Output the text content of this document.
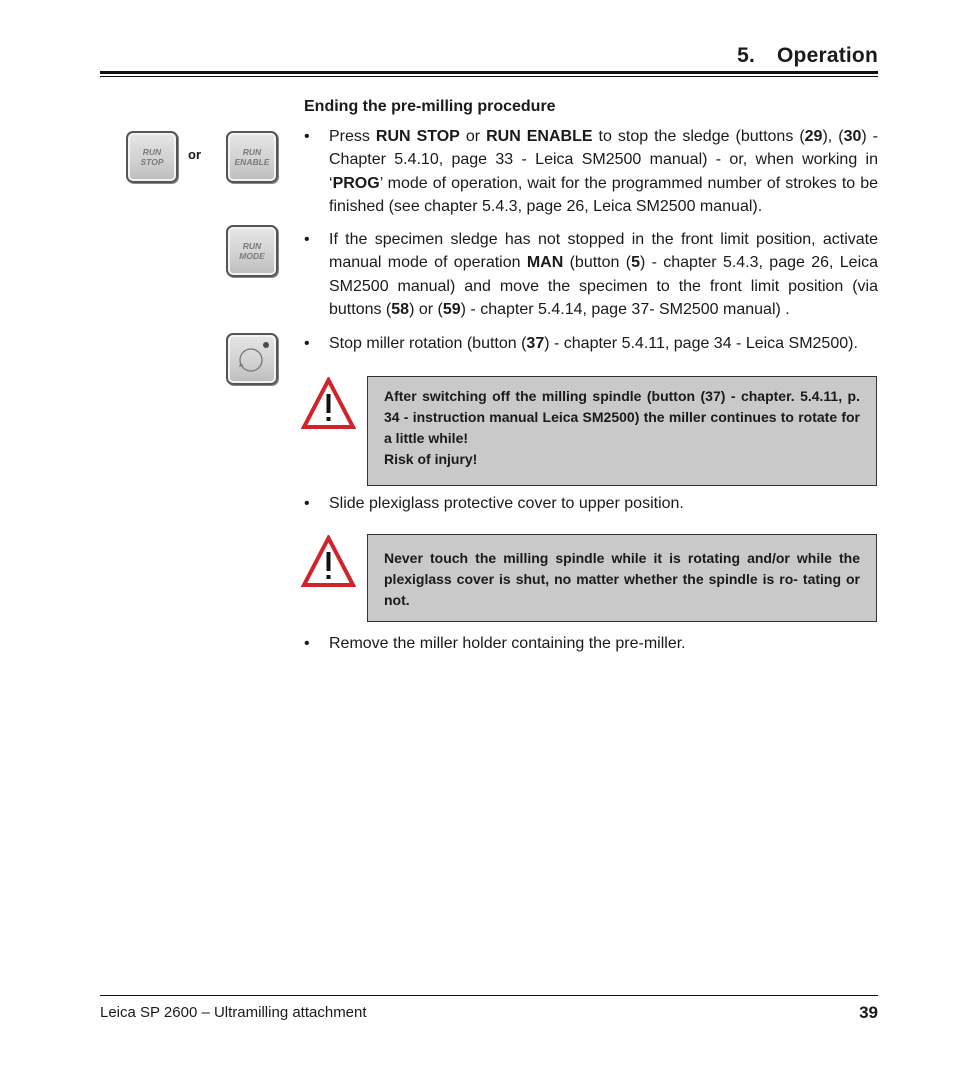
5. Operation
Ending the pre-milling procedure
RUN
STOP or	RUN
ENABLE
RUN
MODE
• Press RUN STOP or RUN ENABLE to stop the sledge (buttons (29), (30) - Chapter 5.4.10, page 33 - Leica SM2500 manual) - or, when working in ‘PROG’ mode of operation, wait for the programmed number of strokes to be finished (see chapter 5.4.3, page 26, Leica SM2500 manual).
• If the specimen sledge has not stopped in the front limit position, activate manual mode of operation MAN (button (5) - chapter 5.4.3, page 26, Leica SM2500 manual) and move the specimen to the front limit position (via buttons (58) or (59) - chapter 5.4.14, page 37- SM2500 manual) .
• Stop miller rotation (button (37) - chapter 5.4.11, page 34 - Leica SM2500).
After switching off the milling spindle (button (37) - chapter. 5.4.11, p. 34 - instruction manual Leica SM2500) the miller continues to rotate for a little while!
Risk of injury!
• Slide plexiglass protective cover to upper position.
Never touch the milling spindle while it is rotating and/or while the plexiglass cover is shut, no matter whether the spindle is ro- tating or not.
• Remove the miller holder containing the pre-miller.
Leica SP 2600 – Ultramilling attachment	39
